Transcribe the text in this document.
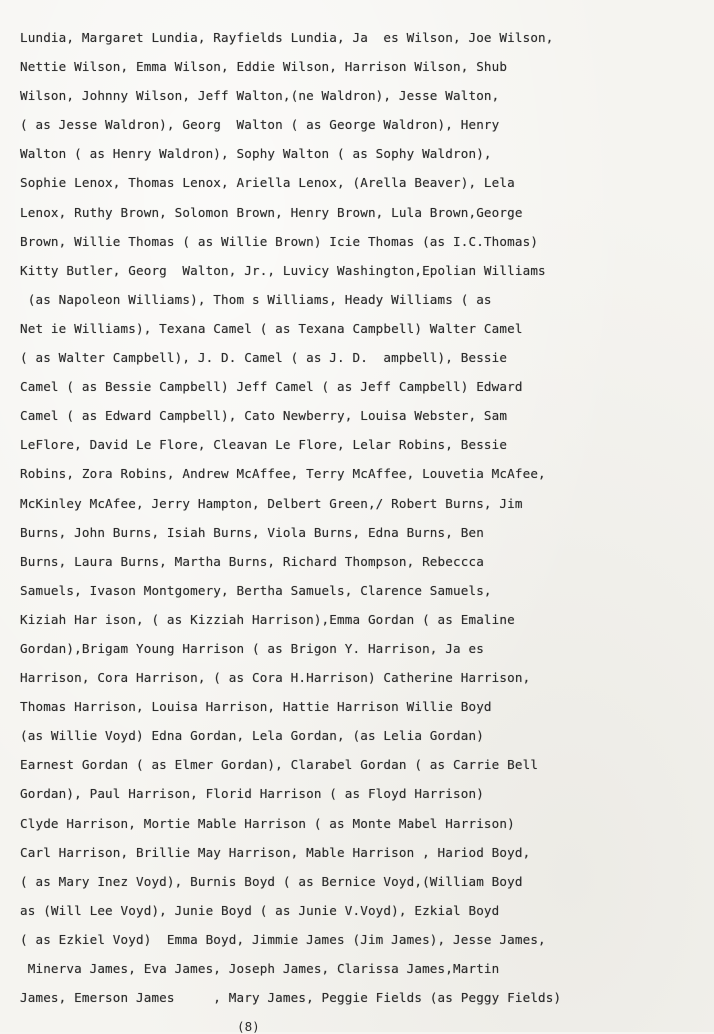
Lundia, Margaret Lundia, Rayfields Lundia, Ja  es Wilson, Joe Wilson,
Nettie Wilson, Emma Wilson, Eddie Wilson, Harrison Wilson, Shub
Wilson, Johnny Wilson, Jeff Walton,(ne Waldron), Jesse Walton,
( as Jesse Waldron), Georg  Walton ( as George Waldron), Henry
Walton ( as Henry Waldron), Sophy Walton ( as Sophy Waldron),
Sophie Lenox, Thomas Lenox, Ariella Lenox, (Arella Beaver), Lela
Lenox, Ruthy Brown, Solomon Brown, Henry Brown, Lula Brown,George
Brown, Willie Thomas ( as Willie Brown) Icie Thomas (as I.C.Thomas)
Kitty Butler, Georg  Walton, Jr., Luvicy Washington,Epolian Williams
(as Napoleon Williams), Thom s Williams, Heady Williams ( as
Net ie Williams), Texana Camel ( as Texana Campbell) Walter Camel
( as Walter Campbell), J. D. Camel ( as J. D.  ampbell), Bessie
Camel ( as Bessie Campbell) Jeff Camel ( as Jeff Campbell) Edward
Camel ( as Edward Campbell), Cato Newberry, Louisa Webster, Sam
LeFlore, David Le Flore, Cleavan Le Flore, Lelar Robins, Bessie
Robins, Zora Robins, Andrew McAffee, Terry McAffee, Louvetia McAfee,
McKinley McAfee, Jerry Hampton, Delbert Green,/ Robert Burns, Jim
Burns, John Burns, Isiah Burns, Viola Burns, Edna Burns, Ben
Burns, Laura Burns, Martha Burns, Richard Thompson, Rebeccca
Samuels, Ivason Montgomery, Bertha Samuels, Clarence Samuels,
Kiziah Har ison, ( as Kizziah Harrison),Emma Gordan ( as Emaline
Gordan),Brigam Young Harrison ( as Brigon Y. Harrison, Ja es
Harrison, Cora Harrison, ( as Cora H.Harrison) Catherine Harrison,
Thomas Harrison, Louisa Harrison, Hattie Harrison Willie Boyd
(as Willie Voyd) Edna Gordan, Lela Gordan, (as Lelia Gordan)
Earnest Gordan ( as Elmer Gordan), Clarabel Gordan ( as Carrie Bell
Gordan), Paul Harrison, Florid Harrison ( as Floyd Harrison)
Clyde Harrison, Mortie Mable Harrison ( as Monte Mabel Harrison)
Carl Harrison, Brillie May Harrison, Mable Harrison , Hariod Boyd,
( as Mary Inez Voyd), Burnis Boyd ( as Bernice Voyd,(William Boyd
as (Will Lee Voyd), Junie Boyd ( as Junie V.Voyd), Ezkial Boyd
( as Ezkiel Voyd)  Emma Boyd, Jimmie James (Jim James), Jesse James,
Minerva James, Eva James, Joseph James, Clarissa James,Martin
James, Emerson James     , Mary James, Peggie Fields (as Peggy Fields)
(8)
